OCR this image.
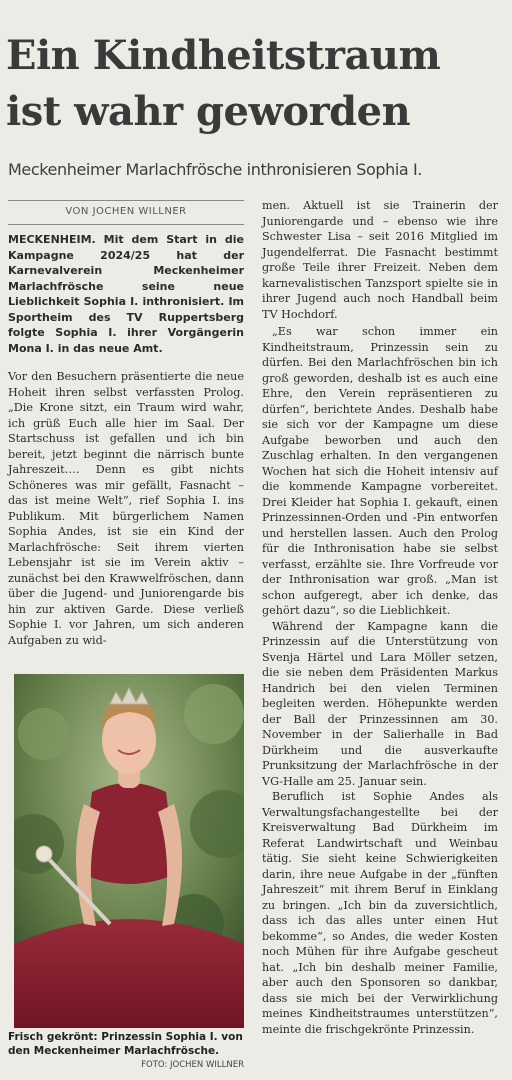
Ein Kindheitstraum
ist wahr geworden

Meckenheimer Marlachfrösche inthronisieren Sophia I.

VON JOCHEN WILLNER

MECKENHEIM. Mit dem Start in die Kampagne 2024/25 hat der Karnevalverein Meckenheimer Marlachfrösche seine neue Lieblichkeit Sophia I. inthronisiert. Im Sportheim des TV Ruppertsberg folgte Sophia I. ihrer Vorgängerin Mona I. in das neue Amt.

Vor den Besuchern präsentierte die neue Hoheit ihren selbst verfassten Prolog. „Die Krone sitzt, ein Traum wird wahr, ich grüß Euch alle hier im Saal. Der Startschuss ist gefallen und ich bin bereit, jetzt beginnt die närrisch bunte Jahreszeit…. Denn es gibt nichts Schöneres was mir gefällt, Fasnacht – das ist meine Welt“, rief Sophia I. ins Publikum. Mit bürgerlichem Namen Sophia Andes, ist sie ein Kind der Marlachfrösche: Seit ihrem vierten Lebensjahr ist sie im Verein aktiv – zunächst bei den Krawwelfröschen, dann über die Jugend- und Juniorengarde bis hin zur aktiven Garde. Diese verließ Sophie I. vor Jahren, um sich anderen Aufgaben zu wid-

men. Aktuell ist sie Trainerin der Juniorengarde und – ebenso wie ihre Schwester Lisa – seit 2016 Mitglied im Jugendelferrat. Die Fasnacht bestimmt große Teile ihrer Freizeit. Neben dem karnevalistischen Tanzsport spielte sie in ihrer Jugend auch noch Handball beim TV Hochdorf.

„Es war schon immer ein Kindheitstraum, Prinzessin sein zu dürfen. Bei den Marlachfröschen bin ich groß geworden, deshalb ist es auch eine Ehre, den Verein repräsentieren zu dürfen“, berichtete Andes. Deshalb habe sie sich vor der Kampagne um diese Aufgabe beworben und auch den Zuschlag erhalten. In den vergangenen Wochen hat sich die Hoheit intensiv auf die kommende Kampagne vorbereitet. Drei Kleider hat Sophia I. gekauft, einen Prinzessinnen-Orden und -Pin entworfen und herstellen lassen. Auch den Prolog für die Inthronisation habe sie selbst verfasst, erzählte sie. Ihre Vorfreude vor der Inthronisation war groß. „Man ist schon aufgeregt, aber ich denke, das gehört dazu“, so die Lieblichkeit.

Während der Kampagne kann die Prinzessin auf die Unterstützung von Svenja Härtel und Lara Möller setzen, die sie neben dem Präsidenten Markus Handrich bei den vielen Terminen begleiten werden. Höhepunkte werden der Ball der Prinzessinnen am 30. November in der Salierhalle in Bad Dürkheim und die ausverkaufte Prunksitzung der Marlachfrösche in der VG-Halle am 25. Januar sein.

Beruflich ist Sophie Andes als Verwaltungsfachangestellte bei der Kreisverwaltung Bad Dürkheim im Referat Landwirtschaft und Weinbau tätig. Sie sieht keine Schwierigkeiten darin, ihre neue Aufgabe in der „fünften Jahreszeit“ mit ihrem Beruf in Einklang zu bringen. „Ich bin da zuversichtlich, dass ich das alles unter einen Hut bekomme“, so Andes, die weder Kosten noch Mühen für ihre Aufgabe gescheut hat. „Ich bin deshalb meiner Familie, aber auch den Sponsoren so dankbar, dass sie mich bei der Verwirklichung meines Kindheitstraumes unterstützen“, meinte die frischgekrönte Prinzessin.

Frisch gekrönt: Prinzessin Sophia I. von den Meckenheimer Marlachfrösche.
FOTO: JOCHEN WILLNER
